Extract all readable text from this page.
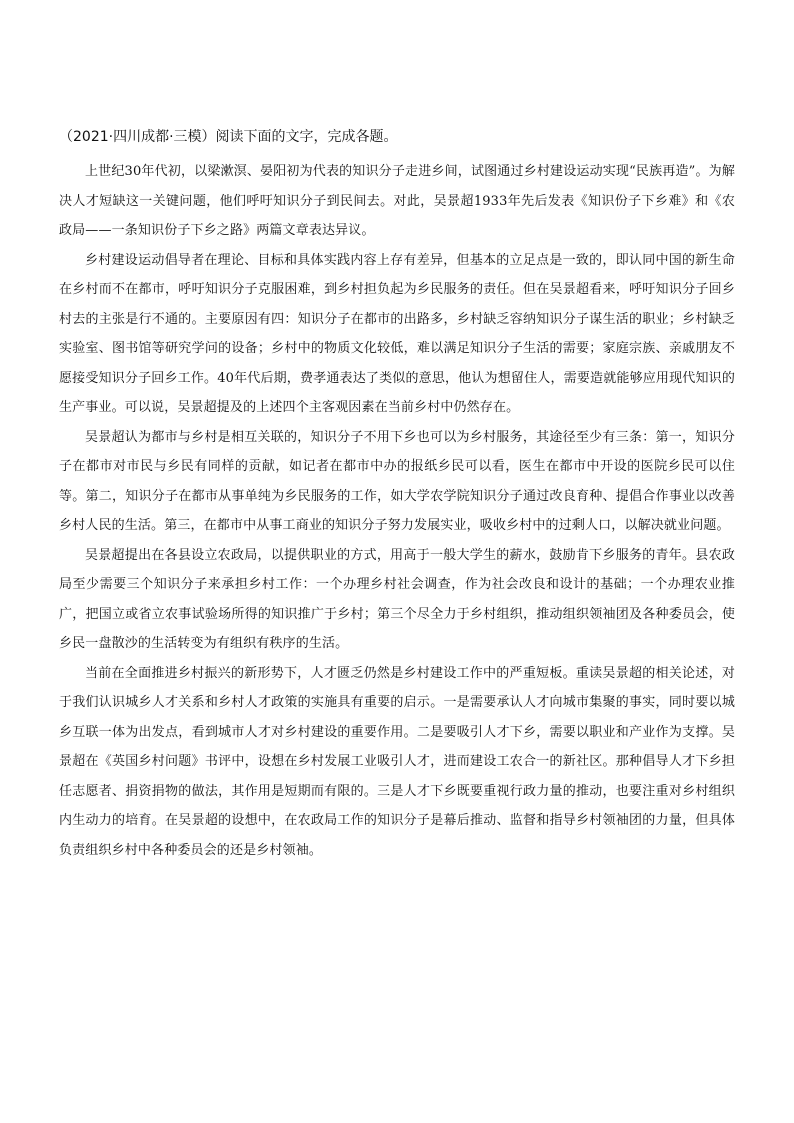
（2021·四川成都·三模）阅读下面的文字，完成各题。

上世纪30年代初，以梁漱溟、晏阳初为代表的知识分子走进乡间，试图通过乡村建设运动实现“民族再造”。为解决人才短缺这一关键问题，他们呼吁知识分子到民间去。对此，吴景超1933年先后发表《知识份子下乡难》和《农政局——一条知识份子下乡之路》两篇文章表达异议。

乡村建设运动倡导者在理论、目标和具体实践内容上存有差异，但基本的立足点是一致的，即认同中国的新生命在乡村而不在都市，呼吁知识分子克服困难，到乡村担负起为乡民服务的责任。但在吴景超看来，呼吁知识分子回乡村去的主张是行不通的。主要原因有四：知识分子在都市的出路多，乡村缺乏容纳知识分子谋生活的职业；乡村缺乏实验室、图书馆等研究学问的设备；乡村中的物质文化较低，难以满足知识分子生活的需要；家庭宗族、亲戚朋友不愿接受知识分子回乡工作。40年代后期，费孝通表达了类似的意思，他认为想留住人，需要造就能够应用现代知识的生产事业。可以说，吴景超提及的上述四个主客观因素在当前乡村中仍然存在。

吴景超认为都市与乡村是相互关联的，知识分子不用下乡也可以为乡村服务，其途径至少有三条：第一，知识分子在都市对市民与乡民有同样的贡献，如记者在都市中办的报纸乡民可以看，医生在都市中开设的医院乡民可以住等。第二，知识分子在都市从事单纯为乡民服务的工作，如大学农学院知识分子通过改良育种、提倡合作事业以改善乡村人民的生活。第三，在都市中从事工商业的知识分子努力发展实业，吸收乡村中的过剩人口，以解决就业问题。

吴景超提出在各县设立农政局，以提供职业的方式，用高于一般大学生的薪水，鼓励肯下乡服务的青年。县农政局至少需要三个知识分子来承担乡村工作：一个办理乡村社会调查，作为社会改良和设计的基础；一个办理农业推广，把国立或省立农事试验场所得的知识推广于乡村；第三个尽全力于乡村组织，推动组织领袖团及各种委员会，使乡民一盘散沙的生活转变为有组织有秩序的生活。

当前在全面推进乡村振兴的新形势下，人才匮乏仍然是乡村建设工作中的严重短板。重读吴景超的相关论述，对于我们认识城乡人才关系和乡村人才政策的实施具有重要的启示。一是需要承认人才向城市集聚的事实，同时要以城乡互联一体为出发点，看到城市人才对乡村建设的重要作用。二是要吸引人才下乡，需要以职业和产业作为支撑。吴景超在《英国乡村问题》书评中，设想在乡村发展工业吸引人才，进而建设工农合一的新社区。那种倡导人才下乡担任志愿者、捐资捐物的做法，其作用是短期而有限的。三是人才下乡既要重视行政力量的推动，也要注重对乡村组织内生动力的培育。在吴景超的设想中，在农政局工作的知识分子是幕后推动、监督和指导乡村领袖团的力量，但具体负责组织乡村中各种委员会的还是乡村领袖。
